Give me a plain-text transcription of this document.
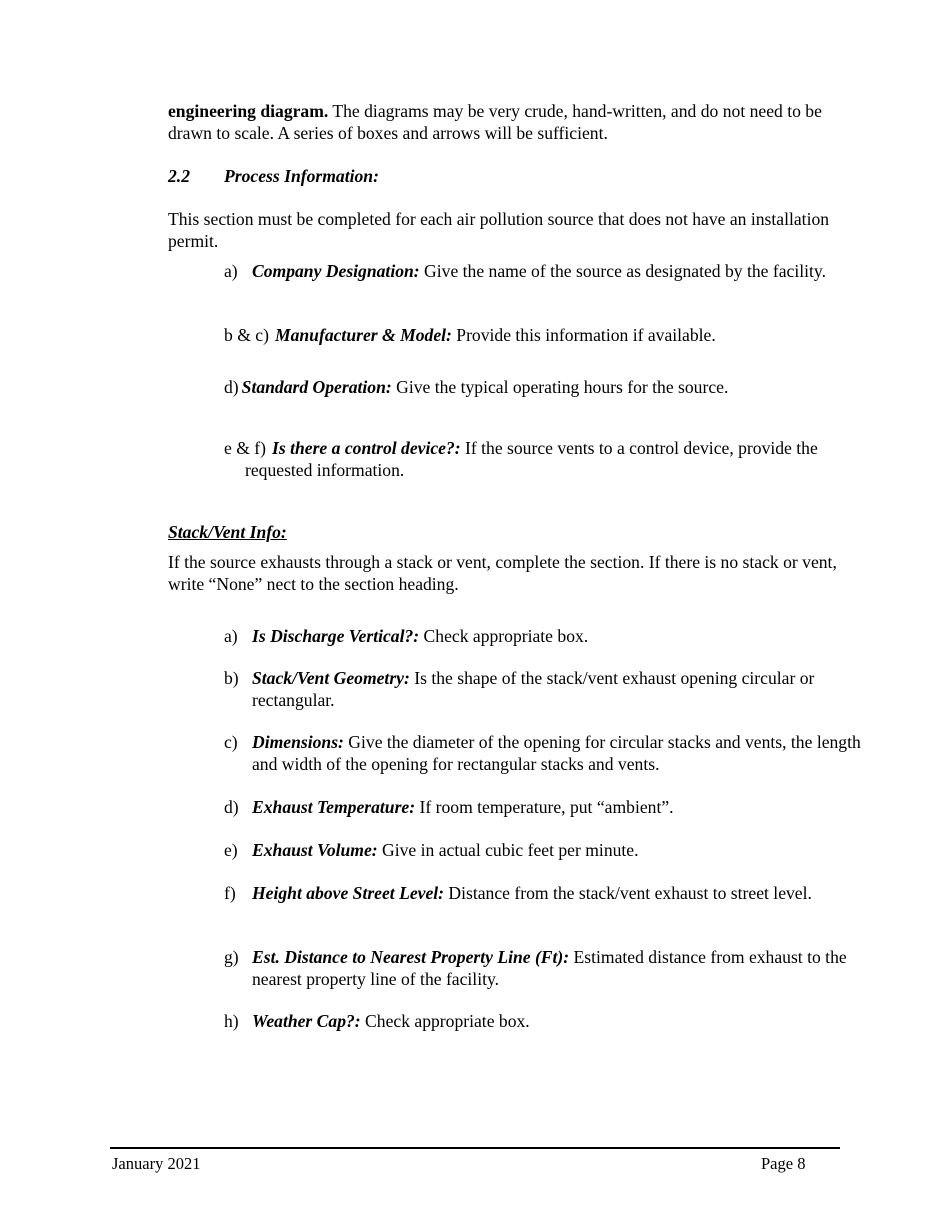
engineering diagram. The diagrams may be very crude, hand-written, and do not need to be drawn to scale. A series of boxes and arrows will be sufficient.

2.2 Process Information:

This section must be completed for each air pollution source that does not have an installation permit.

a) Company Designation: Give the name of the source as designated by the facility.

b & c) Manufacturer & Model: Provide this information if available.

d) Standard Operation: Give the typical operating hours for the source.

e & f) Is there a control device?: If the source vents to a control device, provide the requested information.

Stack/Vent Info:

If the source exhausts through a stack or vent, complete the section. If there is no stack or vent, write “None” nect to the section heading.

a) Is Discharge Vertical?: Check appropriate box.

b) Stack/Vent Geometry: Is the shape of the stack/vent exhaust opening circular or rectangular.

c) Dimensions: Give the diameter of the opening for circular stacks and vents, the length and width of the opening for rectangular stacks and vents.

d) Exhaust Temperature: If room temperature, put “ambient”.

e) Exhaust Volume: Give in actual cubic feet per minute.

f) Height above Street Level: Distance from the stack/vent exhaust to street level.

g) Est. Distance to Nearest Property Line (Ft): Estimated distance from exhaust to the nearest property line of the facility.

h) Weather Cap?: Check appropriate box.

January 2021	Page 8
